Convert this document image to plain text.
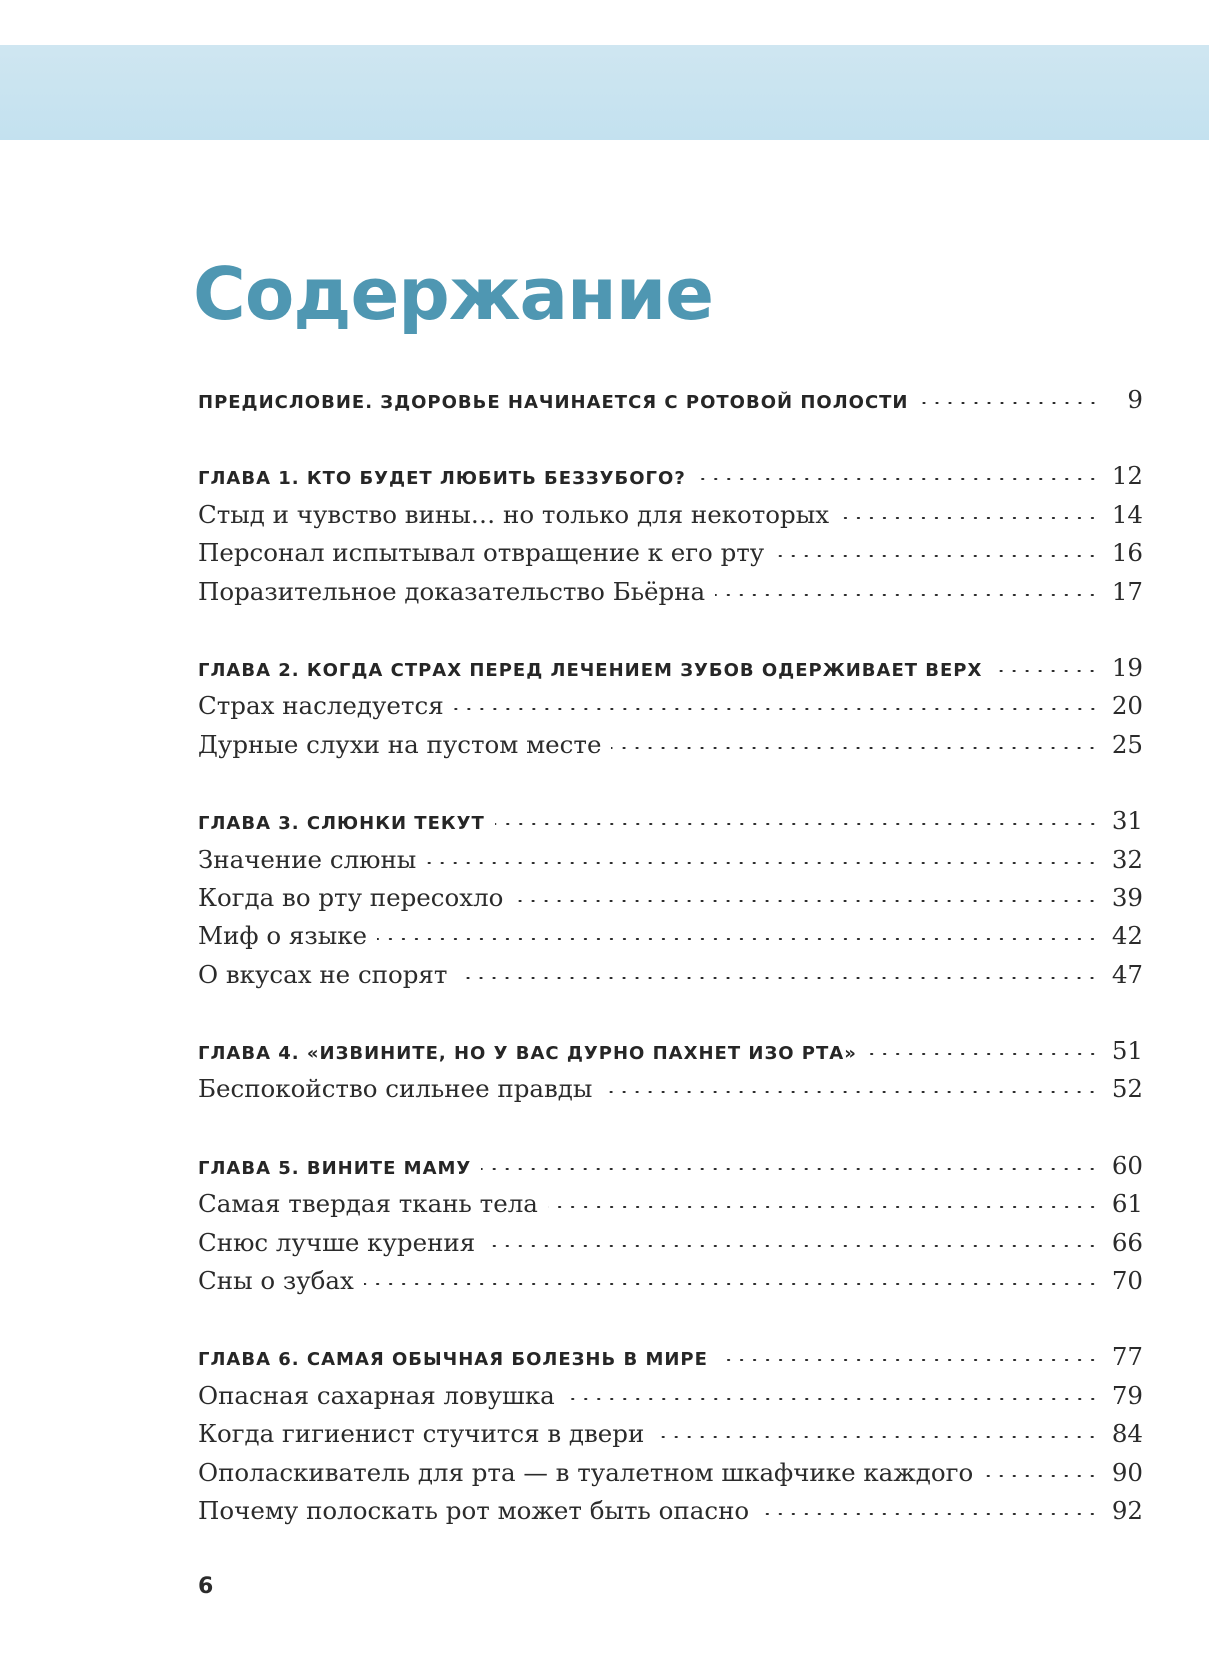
Содержание
ПРЕДИСЛОВИЕ. ЗДОРОВЬЕ НАЧИНАЕТСЯ С РОТОВОЙ ПОЛОСТИ	9
ГЛАВА 1. КТО БУДЕТ ЛЮБИТЬ БЕЗЗУБОГО?	12
Стыд и чувство вины… но только для некоторых	14
Персонал испытывал отвращение к его рту	16
Поразительное доказательство Бьёрна	17
ГЛАВА 2. КОГДА СТРАХ ПЕРЕД ЛЕЧЕНИЕМ ЗУБОВ ОДЕРЖИВАЕТ ВЕРХ	19
Страх наследуется	20
Дурные слухи на пустом месте	25
ГЛАВА 3. СЛЮНКИ ТЕКУТ	31
Значение слюны	32
Когда во рту пересохло	39
Миф о языке	42
О вкусах не спорят	47
ГЛАВА 4. «ИЗВИНИТЕ, НО У ВАС ДУРНО ПАХНЕТ ИЗО РТА»	51
Беспокойство сильнее правды	52
ГЛАВА 5. ВИНИТЕ МАМУ	60
Самая твердая ткань тела	61
Снюс лучше курения	66
Сны о зубах	70
ГЛАВА 6. САМАЯ ОБЫЧНАЯ БОЛЕЗНЬ В МИРЕ	77
Опасная сахарная ловушка	79
Когда гигиенист стучится в двери	84
Ополаскиватель для рта — в туалетном шкафчике каждого	90
Почему полоскать рот может быть опасно	92
6
